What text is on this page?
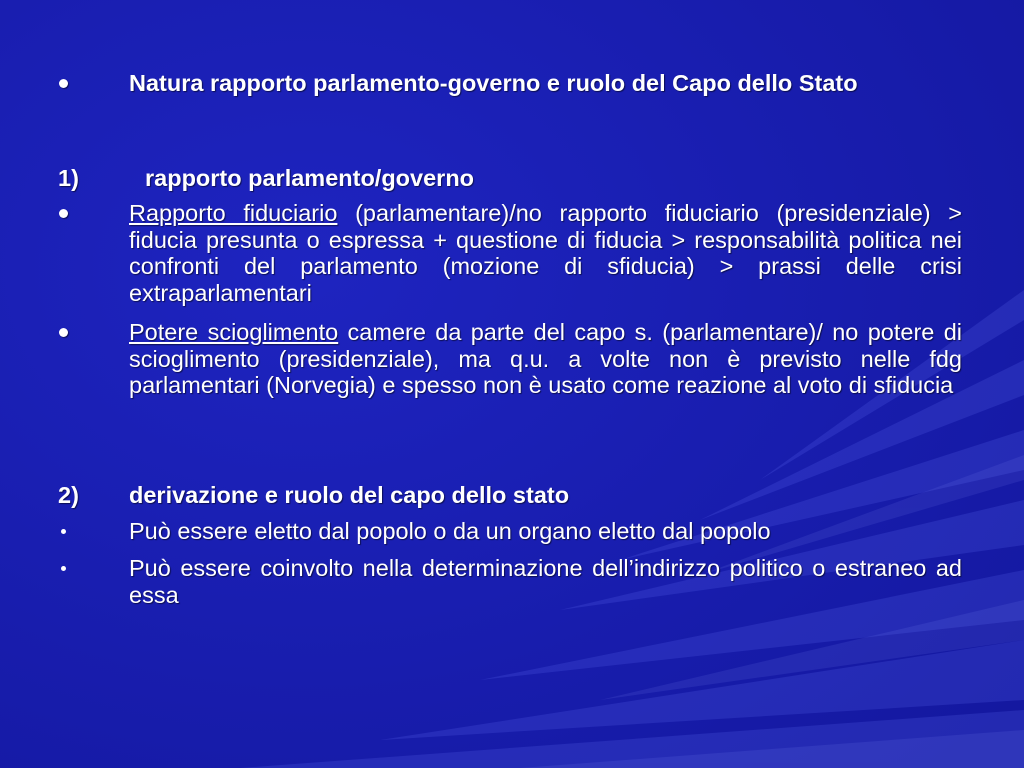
Natura rapporto parlamento-governo e ruolo del Capo dello Stato
1)	rapporto parlamento/governo
Rapporto fiduciario (parlamentare)/no rapporto fiduciario (presidenziale) > fiducia presunta o espressa + questione di fiducia > responsabilità politica nei confronti del parlamento (mozione di sfiducia) > prassi delle crisi extraparlamentari
Potere scioglimento camere da parte del capo s. (parlamentare)/ no potere di scioglimento (presidenziale), ma q.u. a volte non è previsto nelle fdg parlamentari (Norvegia) e spesso non è usato come reazione al voto di sfiducia
2)	derivazione e ruolo del capo dello stato
Può essere eletto dal popolo o da un organo eletto dal popolo
Può essere coinvolto nella determinazione dell’indirizzo politico o estraneo ad essa
